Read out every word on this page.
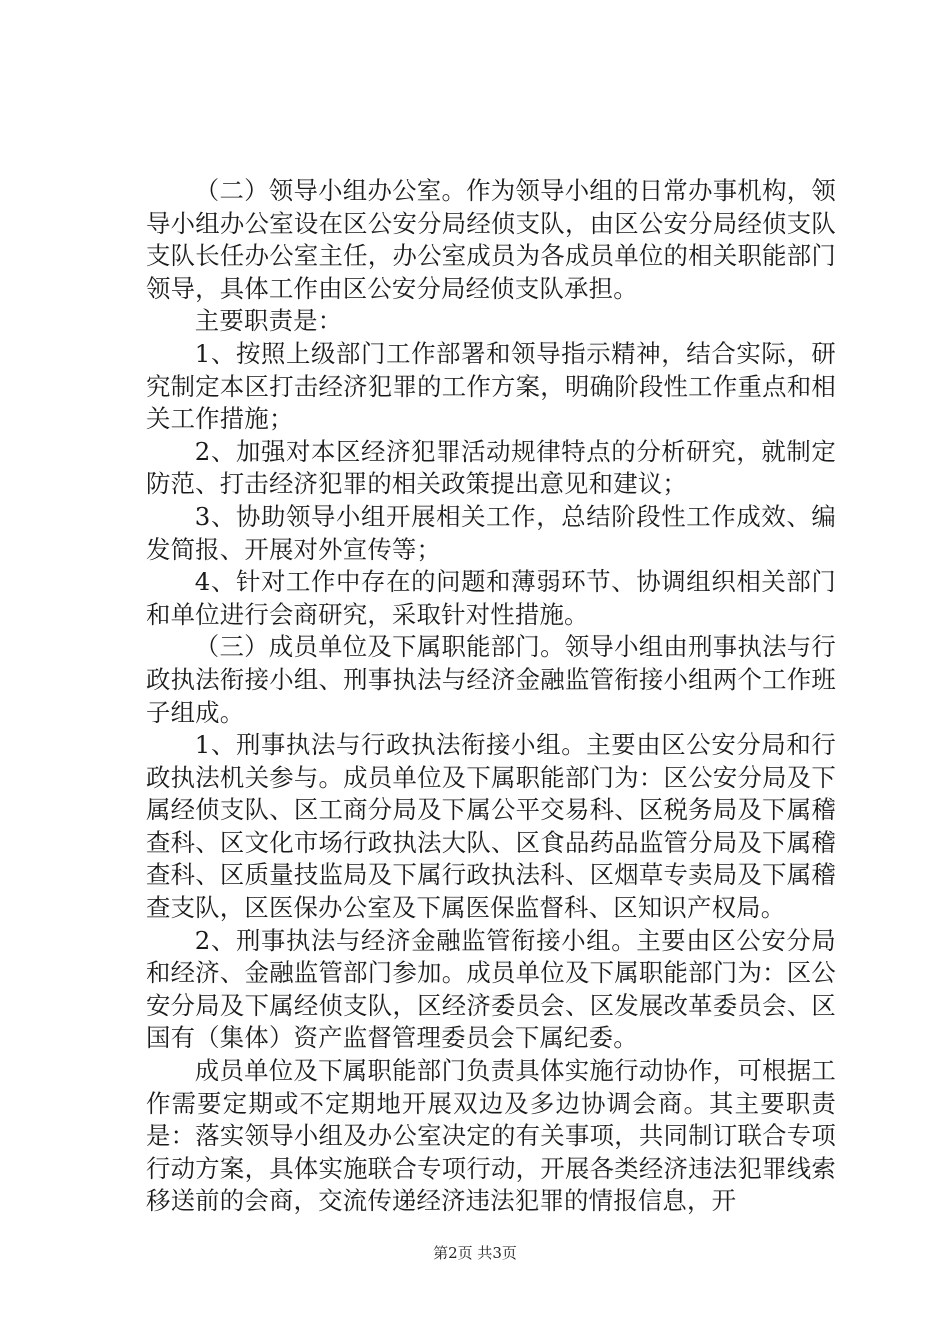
（二）领导小组办公室。作为领导小组的日常办事机构，领导小组办公室设在区公安分局经侦支队，由区公安分局经侦支队支队长任办公室主任，办公室成员为各成员单位的相关职能部门领导，具体工作由区公安分局经侦支队承担。

主要职责是：

1、按照上级部门工作部署和领导指示精神，结合实际，研究制定本区打击经济犯罪的工作方案，明确阶段性工作重点和相关工作措施；

2、加强对本区经济犯罪活动规律特点的分析研究，就制定防范、打击经济犯罪的相关政策提出意见和建议；

3、协助领导小组开展相关工作，总结阶段性工作成效、编发简报、开展对外宣传等；

4、针对工作中存在的问题和薄弱环节、协调组织相关部门和单位进行会商研究，采取针对性措施。

（三）成员单位及下属职能部门。领导小组由刑事执法与行政执法衔接小组、刑事执法与经济金融监管衔接小组两个工作班子组成。

1、刑事执法与行政执法衔接小组。主要由区公安分局和行政执法机关参与。成员单位及下属职能部门为：区公安分局及下属经侦支队、区工商分局及下属公平交易科、区税务局及下属稽查科、区文化市场行政执法大队、区食品药品监管分局及下属稽查科、区质量技监局及下属行政执法科、区烟草专卖局及下属稽查支队，区医保办公室及下属医保监督科、区知识产权局。

2、刑事执法与经济金融监管衔接小组。主要由区公安分局和经济、金融监管部门参加。成员单位及下属职能部门为：区公安分局及下属经侦支队，区经济委员会、区发展改革委员会、区国有（集体）资产监督管理委员会下属纪委。

成员单位及下属职能部门负责具体实施行动协作，可根据工作需要定期或不定期地开展双边及多边协调会商。其主要职责是：落实领导小组及办公室决定的有关事项，共同制订联合专项行动方案，具体实施联合专项行动，开展各类经济违法犯罪线索移送前的会商，交流传递经济违法犯罪的情报信息，开

第2页 共3页
